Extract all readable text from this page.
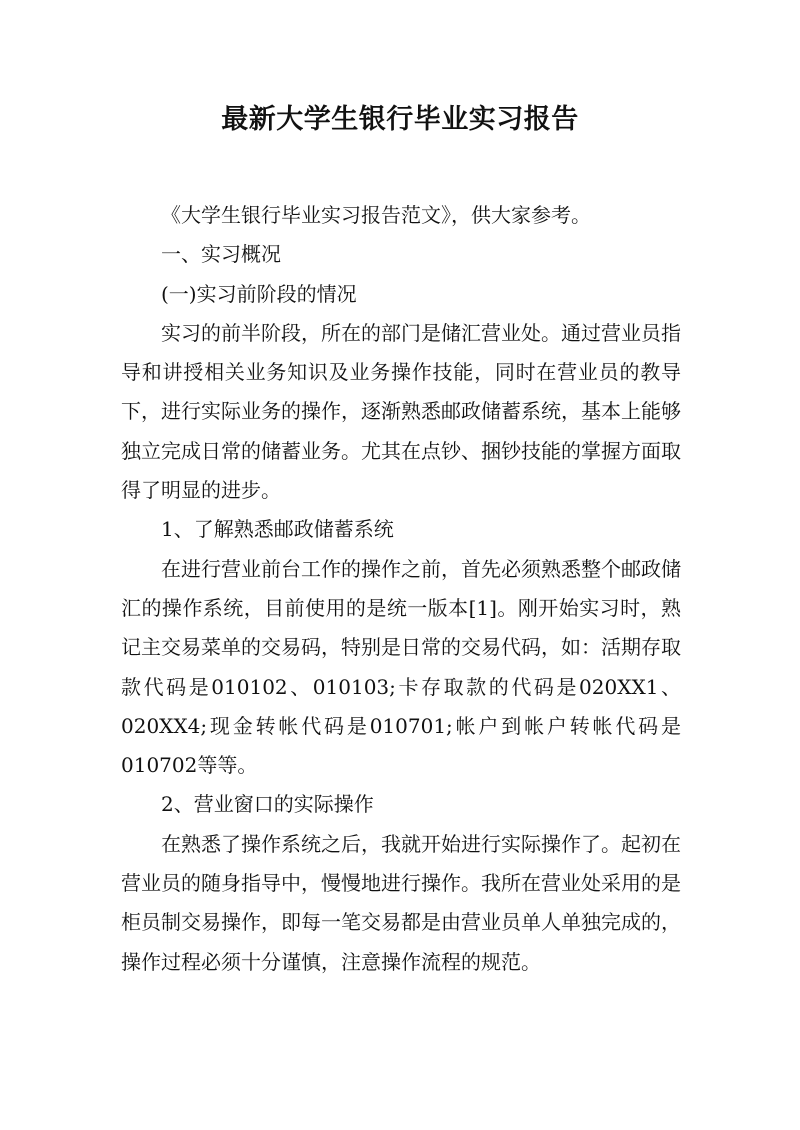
最新大学生银行毕业实习报告

《大学生银行毕业实习报告范文》，供大家参考。

一、实习概况

(一)实习前阶段的情况

实习的前半阶段，所在的部门是储汇营业处。通过营业员指导和讲授相关业务知识及业务操作技能，同时在营业员的教导下，进行实际业务的操作，逐渐熟悉邮政储蓄系统，基本上能够独立完成日常的储蓄业务。尤其在点钞、捆钞技能的掌握方面取得了明显的进步。

1、了解熟悉邮政储蓄系统

在进行营业前台工作的操作之前，首先必须熟悉整个邮政储汇的操作系统，目前使用的是统一版本[1]。刚开始实习时，熟记主交易菜单的交易码，特别是日常的交易代码，如：活期存取款代码是010102、010103;卡存取款的代码是020XX1、020XX4;现金转帐代码是010701;帐户到帐户转帐代码是010702等等。

2、营业窗口的实际操作

在熟悉了操作系统之后，我就开始进行实际操作了。起初在营业员的随身指导中，慢慢地进行操作。我所在营业处采用的是柜员制交易操作，即每一笔交易都是由营业员单人单独完成的，操作过程必须十分谨慎，注意操作流程的规范。
